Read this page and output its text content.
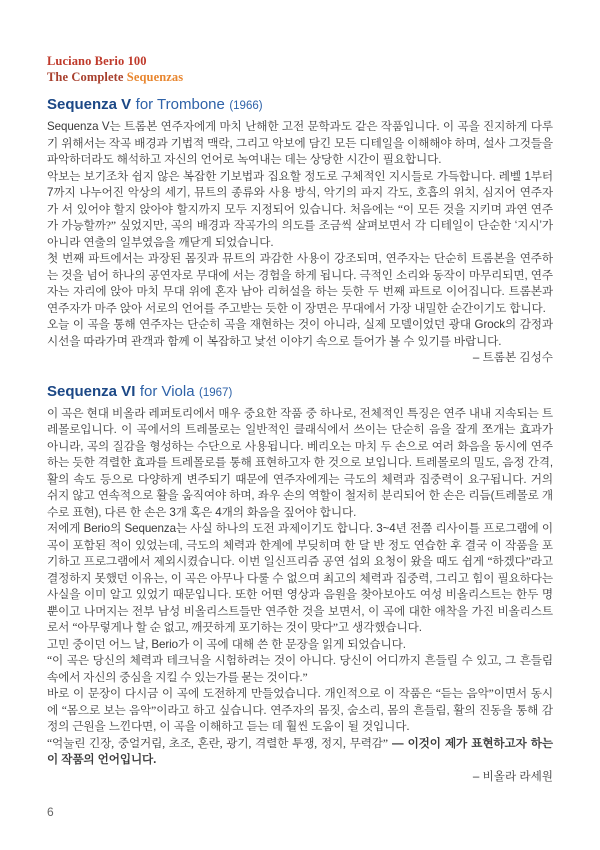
Luciano Berio 100
The Complete Sequenzas
Sequenza V for Trombone (1966)
Sequenza V는 트롬본 연주자에게 마치 난해한 고전 문학과도 같은 작품입니다. 이 곡을 진지하게 다루기 위해서는 작곡 배경과 기법적 맥락, 그리고 악보에 담긴 모든 디테일을 이해해야 하며, 설사 그것들을 파악하더라도 해석하고 자신의 언어로 녹여내는 데는 상당한 시간이 필요합니다.
악보는 보기조차 쉽지 않은 복잡한 기보법과 집요할 정도로 구체적인 지시들로 가득합니다. 레벨 1부터 7까지 나누어진 악상의 세기, 뮤트의 종류와 사용 방식, 악기의 파지 각도, 호흡의 위치, 심지어 연주자가 서 있어야 할지 앉아야 할지까지 모두 지정되어 있습니다. 처음에는 “이 모든 것을 지키며 과연 연주가 가능할까?” 싶었지만, 곡의 배경과 작곡가의 의도를 조금씩 살펴보면서 각 디테일이 단순한 ‘지시’가 아니라 연출의 일부였음을 깨닫게 되었습니다.
첫 번째 파트에서는 과장된 몸짓과 뮤트의 과감한 사용이 강조되며, 연주자는 단순히 트롬본을 연주하는 것을 넘어 하나의 공연자로 무대에 서는 경험을 하게 됩니다. 극적인 소리와 동작이 마무리되면, 연주자는 자리에 앉아 마치 무대 위에 혼자 남아 리허설을 하는 듯한 두 번째 파트로 이어집니다. 트롬본과 연주자가 마주 앉아 서로의 언어를 주고받는 듯한 이 장면은 무대에서 가장 내밀한 순간이기도 합니다.
오늘 이 곡을 통해 연주자는 단순히 곡을 재현하는 것이 아니라, 실제 모델이었던 광대 Grock의 감정과 시선을 따라가며 관객과 함께 이 복잡하고 낯선 이야기 속으로 들어가 볼 수 있기를 바랍니다.
– 트롬본 김성수
Sequenza VI for Viola (1967)
이 곡은 현대 비올라 레퍼토리에서 매우 중요한 작품 중 하나로, 전체적인 특징은 연주 내내 지속되는 트레몰로입니다. 이 곡에서의 트레몰로는 일반적인 클래식에서 쓰이는 단순히 음을 잘게 쪼개는 효과가 아니라, 곡의 질감을 형성하는 수단으로 사용됩니다. 베리오는 마치 두 손으로 여러 화음을 동시에 연주하는 듯한 격렬한 효과를 트레몰로를 통해 표현하고자 한 것으로 보입니다. 트레몰로의 밀도, 음정 간격, 활의 속도 등으로 다양하게 변주되기 때문에 연주자에게는 극도의 체력과 집중력이 요구됩니다. 거의 쉬지 않고 연속적으로 활을 움직여야 하며, 좌우 손의 역할이 철저히 분리되어 한 손은 리듬(트레몰로 개수로 표현), 다른 한 손은 3개 혹은 4개의 화음을 짚어야 합니다.
저에게 Berio의 Sequenza는 사실 하나의 도전 과제이기도 합니다. 3~4년 전쯤 리사이틀 프로그램에 이 곡이 포함된 적이 있었는데, 극도의 체력과 한계에 부딪히며 한 달 반 정도 연습한 후 결국 이 작품을 포기하고 프로그램에서 제외시켰습니다. 이번 일신프리즘 공연 섭외 요청이 왔을 때도 쉽게 “하겠다”라고 결정하지 못했던 이유는, 이 곡은 아무나 다룰 수 없으며 최고의 체력과 집중력, 그리고 힘이 필요하다는 사실을 이미 알고 있었기 때문입니다. 또한 어떤 영상과 음원을 찾아보아도 여성 비올리스트는 한두 명뿐이고 나머지는 전부 남성 비올리스트들만 연주한 것을 보면서, 이 곡에 대한 애착을 가진 비올리스트로서 “아무렇게나 할 순 없고, 깨끗하게 포기하는 것이 맞다”고 생각했습니다.
고민 중이던 어느 날, Berio가 이 곡에 대해 쓴 한 문장을 읽게 되었습니다.
“이 곡은 당신의 체력과 테크닉을 시험하려는 것이 아니다. 당신이 어디까지 흔들릴 수 있고, 그 흔들림 속에서 자신의 중심을 지킬 수 있는가를 묻는 것이다.”
바로 이 문장이 다시금 이 곡에 도전하게 만들었습니다. 개인적으로 이 작품은 “듣는 음악”이면서 동시에 “몸으로 보는 음악”이라고 하고 싶습니다. 연주자의 몸짓, 숨소리, 몸의 흔들림, 활의 진동을 통해 감정의 근원을 느낀다면, 이 곡을 이해하고 듣는 데 훨씬 도움이 될 것입니다.
“억눌린 긴장, 중얼거림, 초조, 혼란, 광기, 격렬한 투쟁, 정지, 무력감” — 이것이 제가 표현하고자 하는 이 작품의 언어입니다.
– 비올라 라세원
6
